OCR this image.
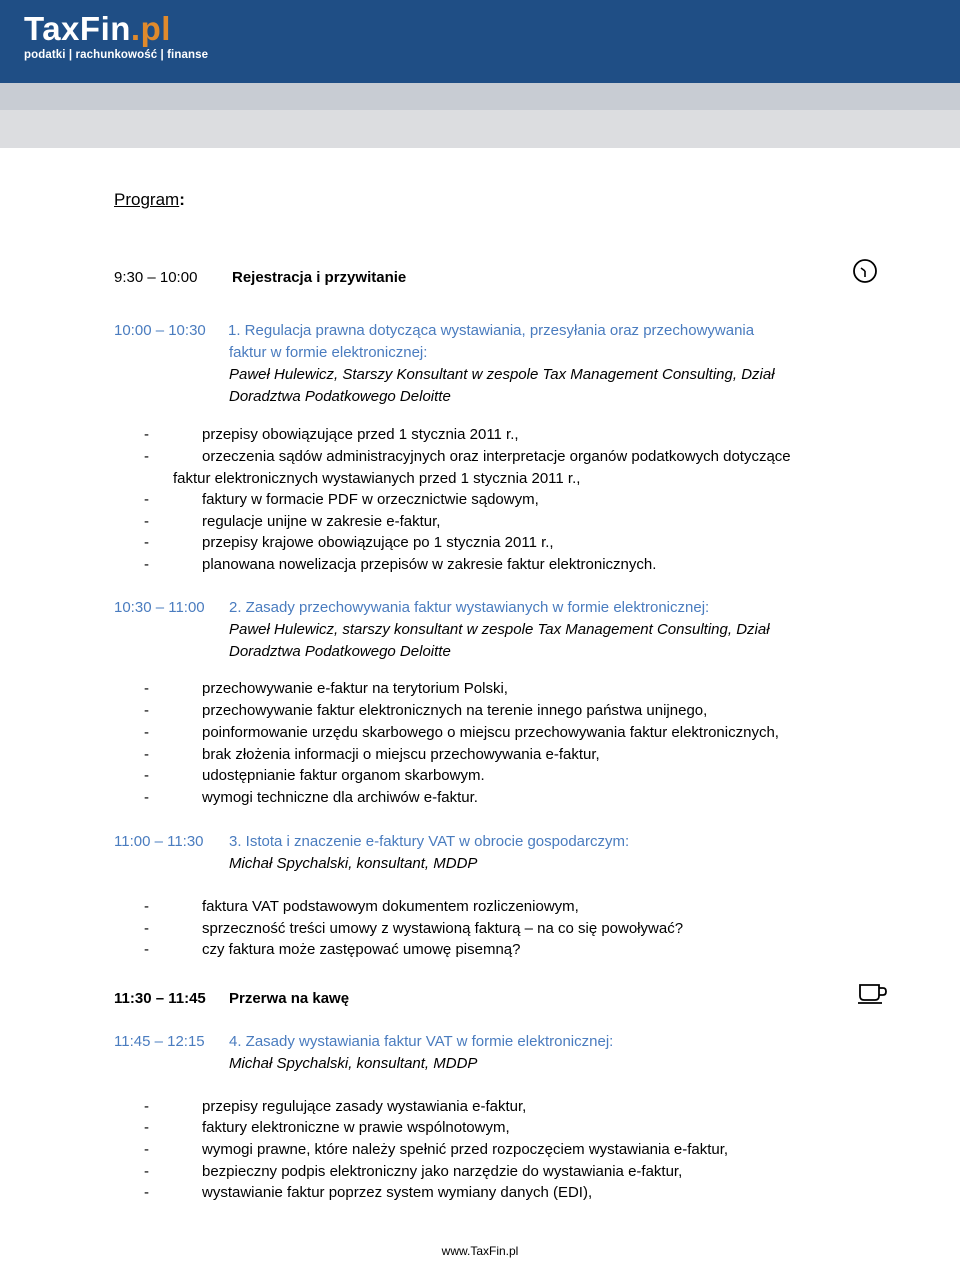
TaxFin.pl
podatki | rachunkowość | finanse
Program:
9:30 – 10:00 Rejestracja i przywitanie
10:00 – 10:30 1. Regulacja prawna dotycząca wystawiania, przesyłania oraz przechowywania
faktur w formie elektronicznej:
Paweł Hulewicz, Starszy Konsultant w zespole Tax Management Consulting, Dział
Doradztwa Podatkowego Deloitte
-	przepisy obowiązujące przed 1 stycznia 2011 r.,
-	orzeczenia sądów administracyjnych oraz interpretacje organów podatkowych dotyczące
faktur elektronicznych wystawianych przed 1 stycznia 2011 r.,
-	faktury w formacie PDF w orzecznictwie sądowym,
-	regulacje unijne w zakresie e-faktur,
-	przepisy krajowe obowiązujące po 1 stycznia 2011 r.,
-	planowana nowelizacja przepisów w zakresie faktur elektronicznych.
10:30 – 11:00 2. Zasady przechowywania faktur wystawianych w formie elektronicznej:
Paweł Hulewicz, starszy konsultant w zespole Tax Management Consulting, Dział
Doradztwa Podatkowego Deloitte
-	przechowywanie e-faktur na terytorium Polski,
-	przechowywanie faktur elektronicznych na terenie innego państwa unijnego,
-	poinformowanie urzędu skarbowego o miejscu przechowywania faktur elektronicznych,
-	brak złożenia informacji o miejscu przechowywania e-faktur,
-	udostępnianie faktur organom skarbowym.
-	wymogi techniczne dla archiwów e-faktur.
11:00 – 11:30 3. Istota i znaczenie e-faktury VAT w obrocie gospodarczym:
Michał Spychalski, konsultant, MDDP
-	faktura VAT podstawowym dokumentem rozliczeniowym,
-	sprzeczność treści umowy z wystawioną fakturą – na co się powoływać?
-	czy faktura może zastępować umowę pisemną?
11:30 – 11:45 Przerwa na kawę
11:45 – 12:15 4. Zasady wystawiania faktur VAT w formie elektronicznej:
Michał Spychalski, konsultant, MDDP
-	przepisy regulujące zasady wystawiania e-faktur,
-	faktury elektroniczne w prawie wspólnotowym,
-	wymogi prawne, które należy spełnić przed rozpoczęciem wystawiania e-faktur,
-	bezpieczny podpis elektroniczny jako narzędzie do wystawiania e-faktur,
-	wystawianie faktur poprzez system wymiany danych (EDI),
www.TaxFin.pl
